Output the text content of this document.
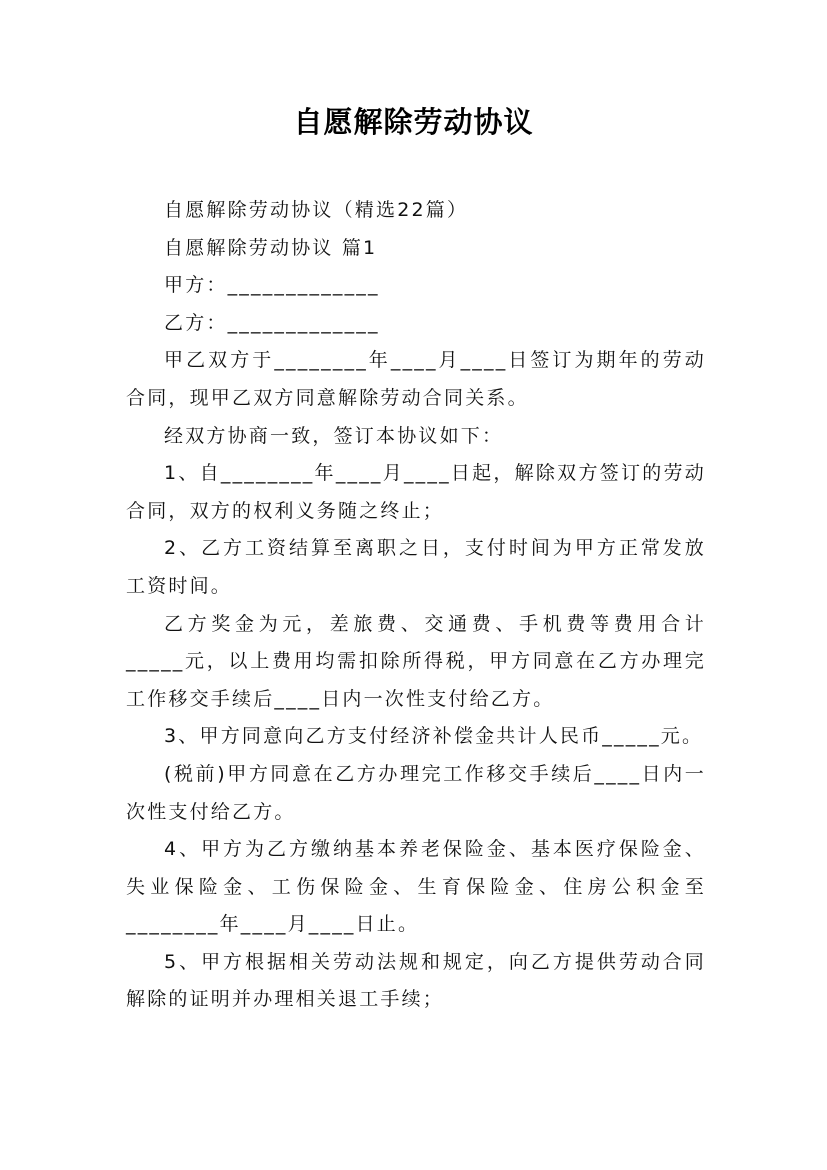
自愿解除劳动协议

自愿解除劳动协议（精选22篇）

自愿解除劳动协议 篇1

甲方：_____________

乙方：_____________

甲乙双方于________年____月____日签订为期年的劳动合同，现甲乙双方同意解除劳动合同关系。

经双方协商一致，签订本协议如下：

1、自________年____月____日起，解除双方签订的劳动合同，双方的权利义务随之终止；

2、乙方工资结算至离职之日，支付时间为甲方正常发放工资时间。

乙方奖金为元，差旅费、交通费、手机费等费用合计_____元，以上费用均需扣除所得税，甲方同意在乙方办理完工作移交手续后____日内一次性支付给乙方。

3、甲方同意向乙方支付经济补偿金共计人民币_____元。

(税前)甲方同意在乙方办理完工作移交手续后____日内一次性支付给乙方。

4、甲方为乙方缴纳基本养老保险金、基本医疗保险金、失业保险金、工伤保险金、生育保险金、住房公积金至________年____月____日止。

5、甲方根据相关劳动法规和规定，向乙方提供劳动合同解除的证明并办理相关退工手续；
